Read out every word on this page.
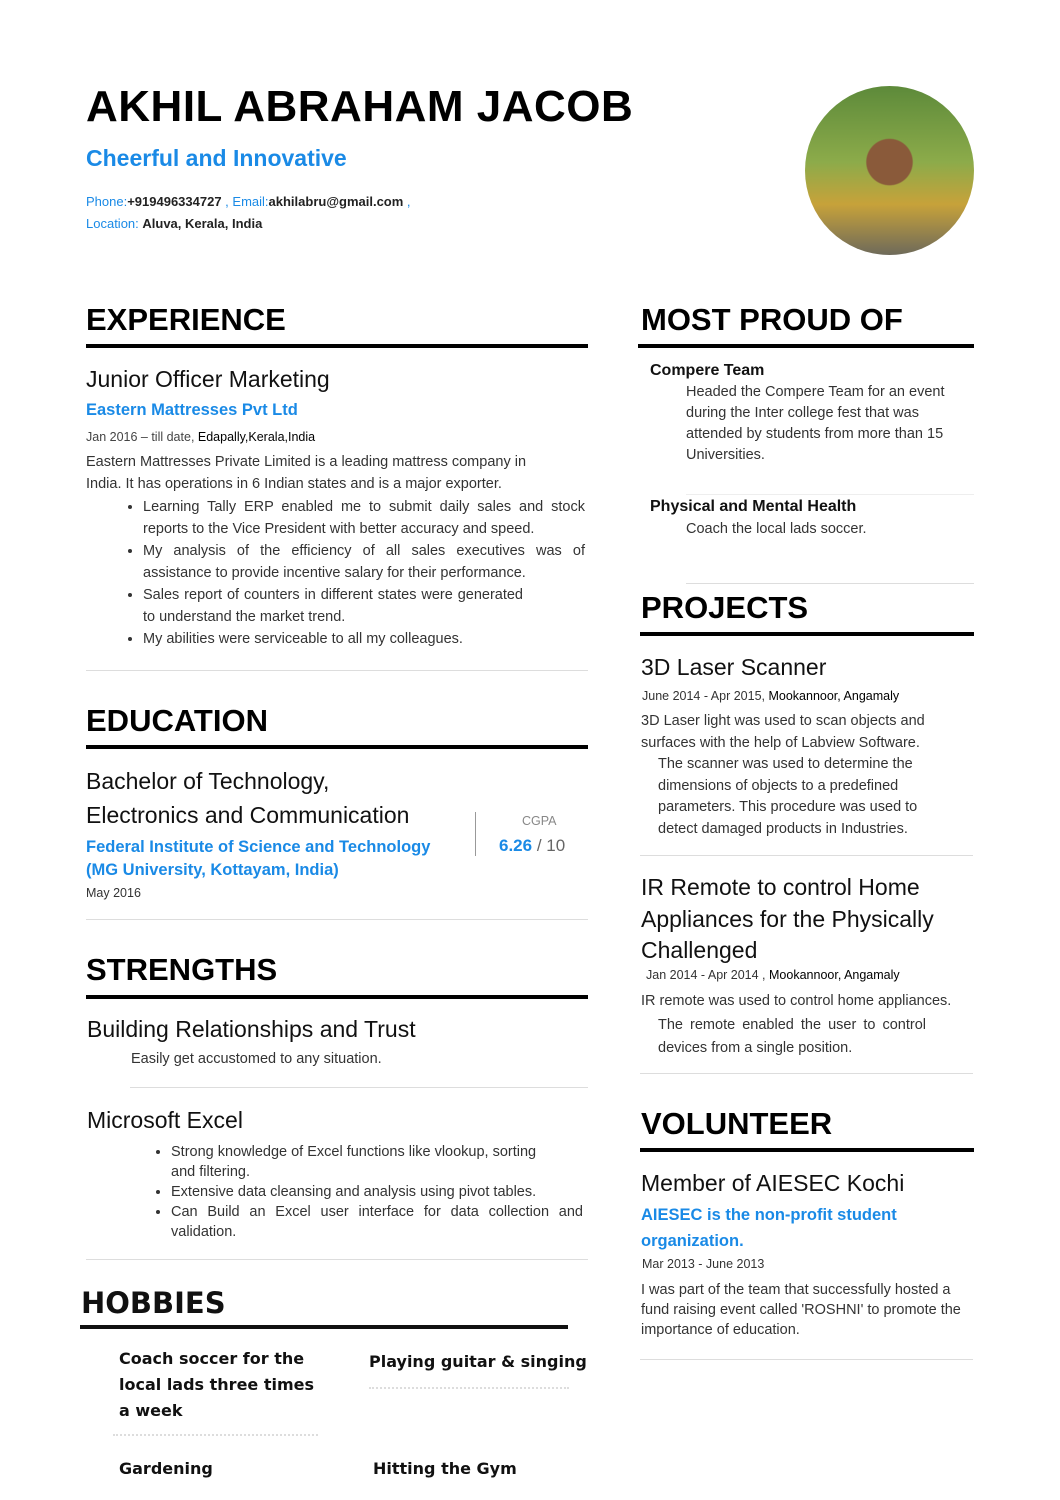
AKHIL ABRAHAM JACOB
Cheerful and Innovative
Phone:+919496334727 , Email:akhilabru@gmail.com ,
Location: Aluva, Kerala, India
EXPERIENCE
Junior Officer Marketing
Eastern Mattresses Pvt Ltd
Jan 2016 – till date, Edapally,Kerala,India
Eastern Mattresses Private Limited is a leading mattress company in India. It has operations in 6 Indian states and is a major exporter.
• Learning Tally ERP enabled me to submit daily sales and stock reports to the Vice President with better accuracy and speed.
• My analysis of the efficiency of all sales executives was of assistance to provide incentive salary for their performance.
• Sales report of counters in different states were generated to understand the market trend.
• My abilities were serviceable to all my colleagues.
EDUCATION
Bachelor of Technology,
Electronics and Communication
Federal Institute of Science and Technology
(MG University, Kottayam, India)
May 2016
CGPA
6.26 / 10
STRENGTHS
Building Relationships and Trust
Easily get accustomed to any situation.
Microsoft Excel
• Strong knowledge of Excel functions like vlookup, sorting and filtering.
• Extensive data cleansing and analysis using pivot tables.
• Can Build an Excel user interface for data collection and validation.
HOBBIES
Coach soccer for the local lads three times a week
Playing guitar & singing
Gardening	Hitting the Gym
MOST PROUD OF
Compere Team
Headed the Compere Team for an event during the Inter college fest that was attended by students from more than 15 Universities.
Physical and Mental Health
Coach the local lads soccer.
PROJECTS
3D Laser Scanner
June 2014 - Apr 2015, Mookannoor, Angamaly
3D Laser light was used to scan objects and surfaces with the help of Labview Software.
The scanner was used to determine the dimensions of objects to a predefined parameters. This procedure was used to detect damaged products in Industries.
IR Remote to control Home Appliances for the Physically Challenged
Jan 2014 - Apr 2014 , Mookannoor, Angamaly
IR remote was used to control home appliances.
The remote enabled the user to control devices from a single position.
VOLUNTEER
Member of AIESEC Kochi
AIESEC is the non-profit student organization.
Mar 2013 - June 2013
I was part of the team that successfully hosted a fund raising event called 'ROSHNI' to promote the importance of education.
